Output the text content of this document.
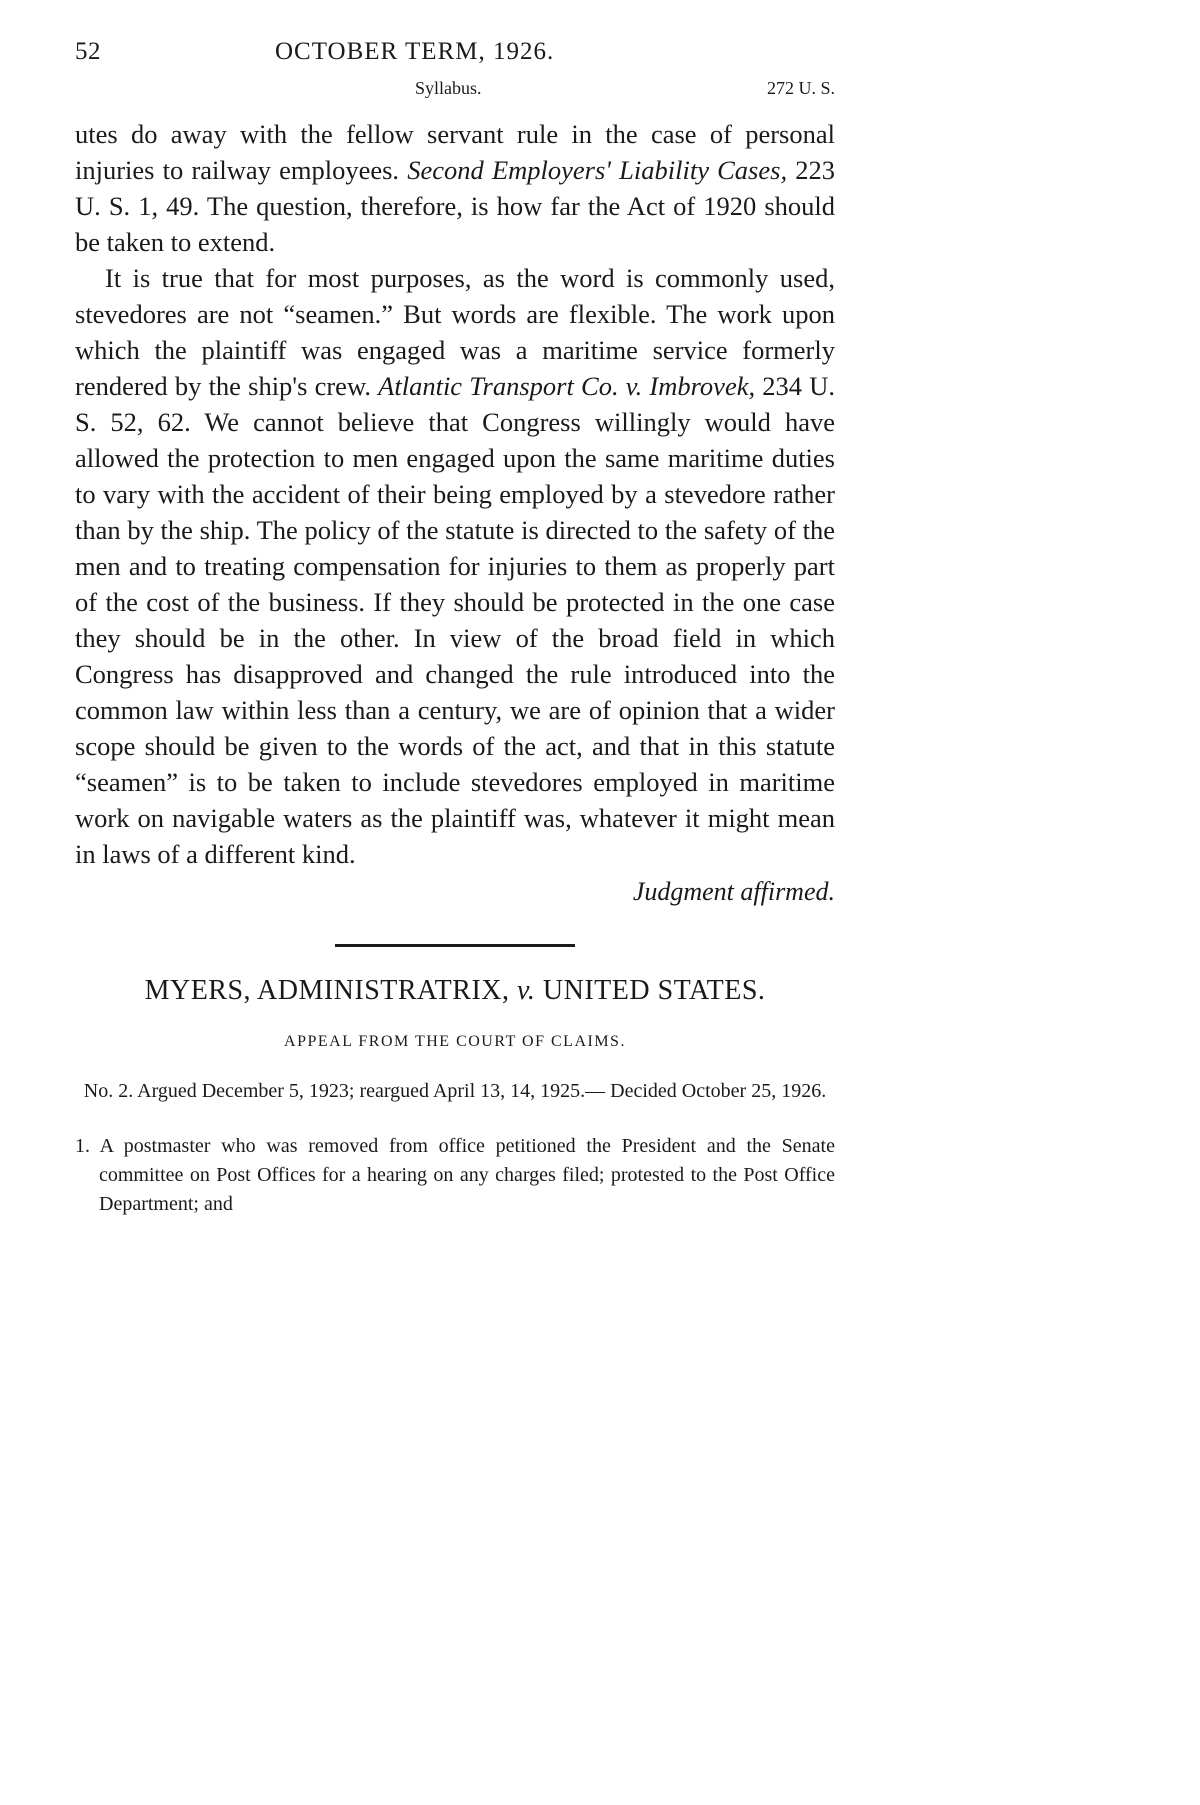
52	OCTOBER TERM, 1926.
Syllabus.	272 U. S.

utes do away with the fellow servant rule in the case of personal injuries to railway employees. Second Employers' Liability Cases, 223 U. S. 1, 49. The question, therefore, is how far the Act of 1920 should be taken to extend.

It is true that for most purposes, as the word is commonly used, stevedores are not “seamen.” But words are flexible. The work upon which the plaintiff was engaged was a maritime service formerly rendered by the ship's crew. Atlantic Transport Co. v. Imbrovek, 234 U. S. 52, 62. We cannot believe that Congress willingly would have allowed the protection to men engaged upon the same maritime duties to vary with the accident of their being employed by a stevedore rather than by the ship. The policy of the statute is directed to the safety of the men and to treating compensation for injuries to them as properly part of the cost of the business. If they should be protected in the one case they should be in the other. In view of the broad field in which Congress has disapproved and changed the rule introduced into the common law within less than a century, we are of opinion that a wider scope should be given to the words of the act, and that in this statute “seamen” is to be taken to include stevedores employed in maritime work on navigable waters as the plaintiff was, whatever it might mean in laws of a different kind.

Judgment affirmed.
MYERS, ADMINISTRATRIX, v. UNITED STATES.
APPEAL FROM THE COURT OF CLAIMS.
No. 2. Argued December 5, 1923; reargued April 13, 14, 1925.— Decided October 25, 1926.
1. A postmaster who was removed from office petitioned the President and the Senate committee on Post Offices for a hearing on any charges filed; protested to the Post Office Department; and
